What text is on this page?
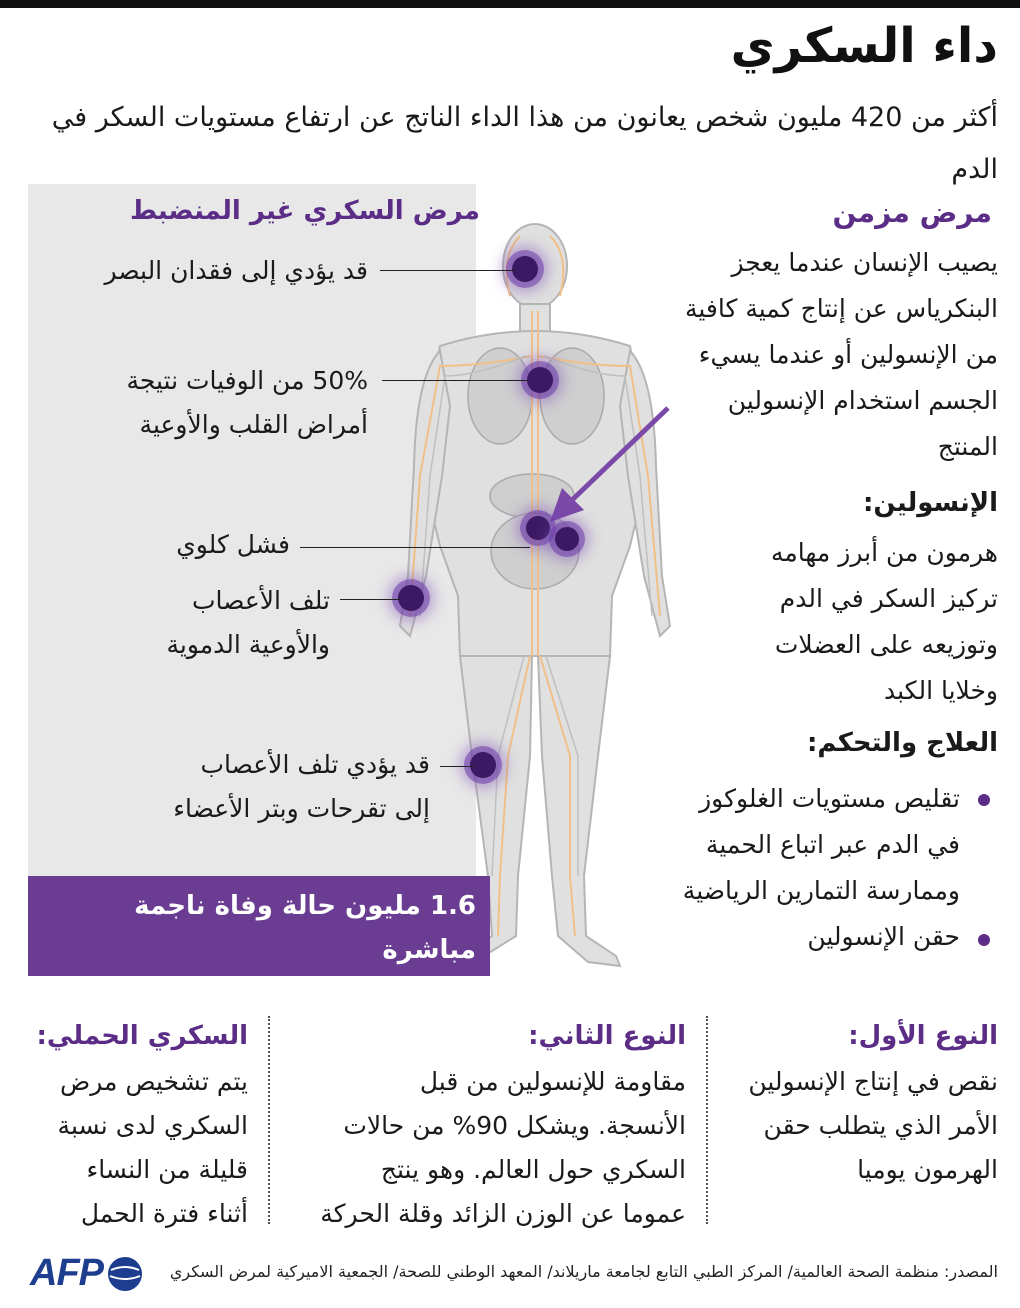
داء السكري
أكثر من 420 مليون شخص يعانون من هذا الداء الناتج عن ارتفاع مستويات السكر في الدم
مرض السكري غير المنضبط
قد يؤدي إلى فقدان البصر
50% من الوفيات نتيجة
أمراض القلب والأوعية
فشل كلوي
تلف الأعصاب
والأوعية الدموية
قد يؤدي تلف الأعصاب
إلى تقرحات وبتر الأعضاء
1.6 مليون حالة وفاة ناجمة مباشرة
عن مرض السكري عام 2016
مرض مزمن
يصيب الإنسان عندما يعجز
البنكرياس عن إنتاج كمية كافية
من الإنسولين أو عندما يسيء
الجسم استخدام الإنسولين
المنتج
الإنسولين:
هرمون من أبرز مهامه
تركيز السكر في الدم
وتوزيعه على العضلات
وخلايا الكبد
العلاج والتحكم:
تقليص مستويات الغلوكوز
في الدم عبر اتباع الحمية
وممارسة التمارين الرياضية
حقن الإنسولين
النوع الأول:
نقص في إنتاج الإنسولين
الأمر الذي يتطلب حقن
الهرمون يوميا
النوع الثاني:
مقاومة للإنسولين من قبل
الأنسجة. ويشكل 90% من حالات
السكري حول العالم. وهو ينتج
عموما عن الوزن الزائد وقلة الحركة
السكري الحملي:
يتم تشخيص مرض
السكري لدى نسبة
قليلة من النساء
أثناء فترة الحمل
المصدر: منظمة الصحة العالمية/ المركز الطبي التابع لجامعة ماريلاند/ المعهد الوطني للصحة/ الجمعية الاميركية لمرض السكري
AFP
